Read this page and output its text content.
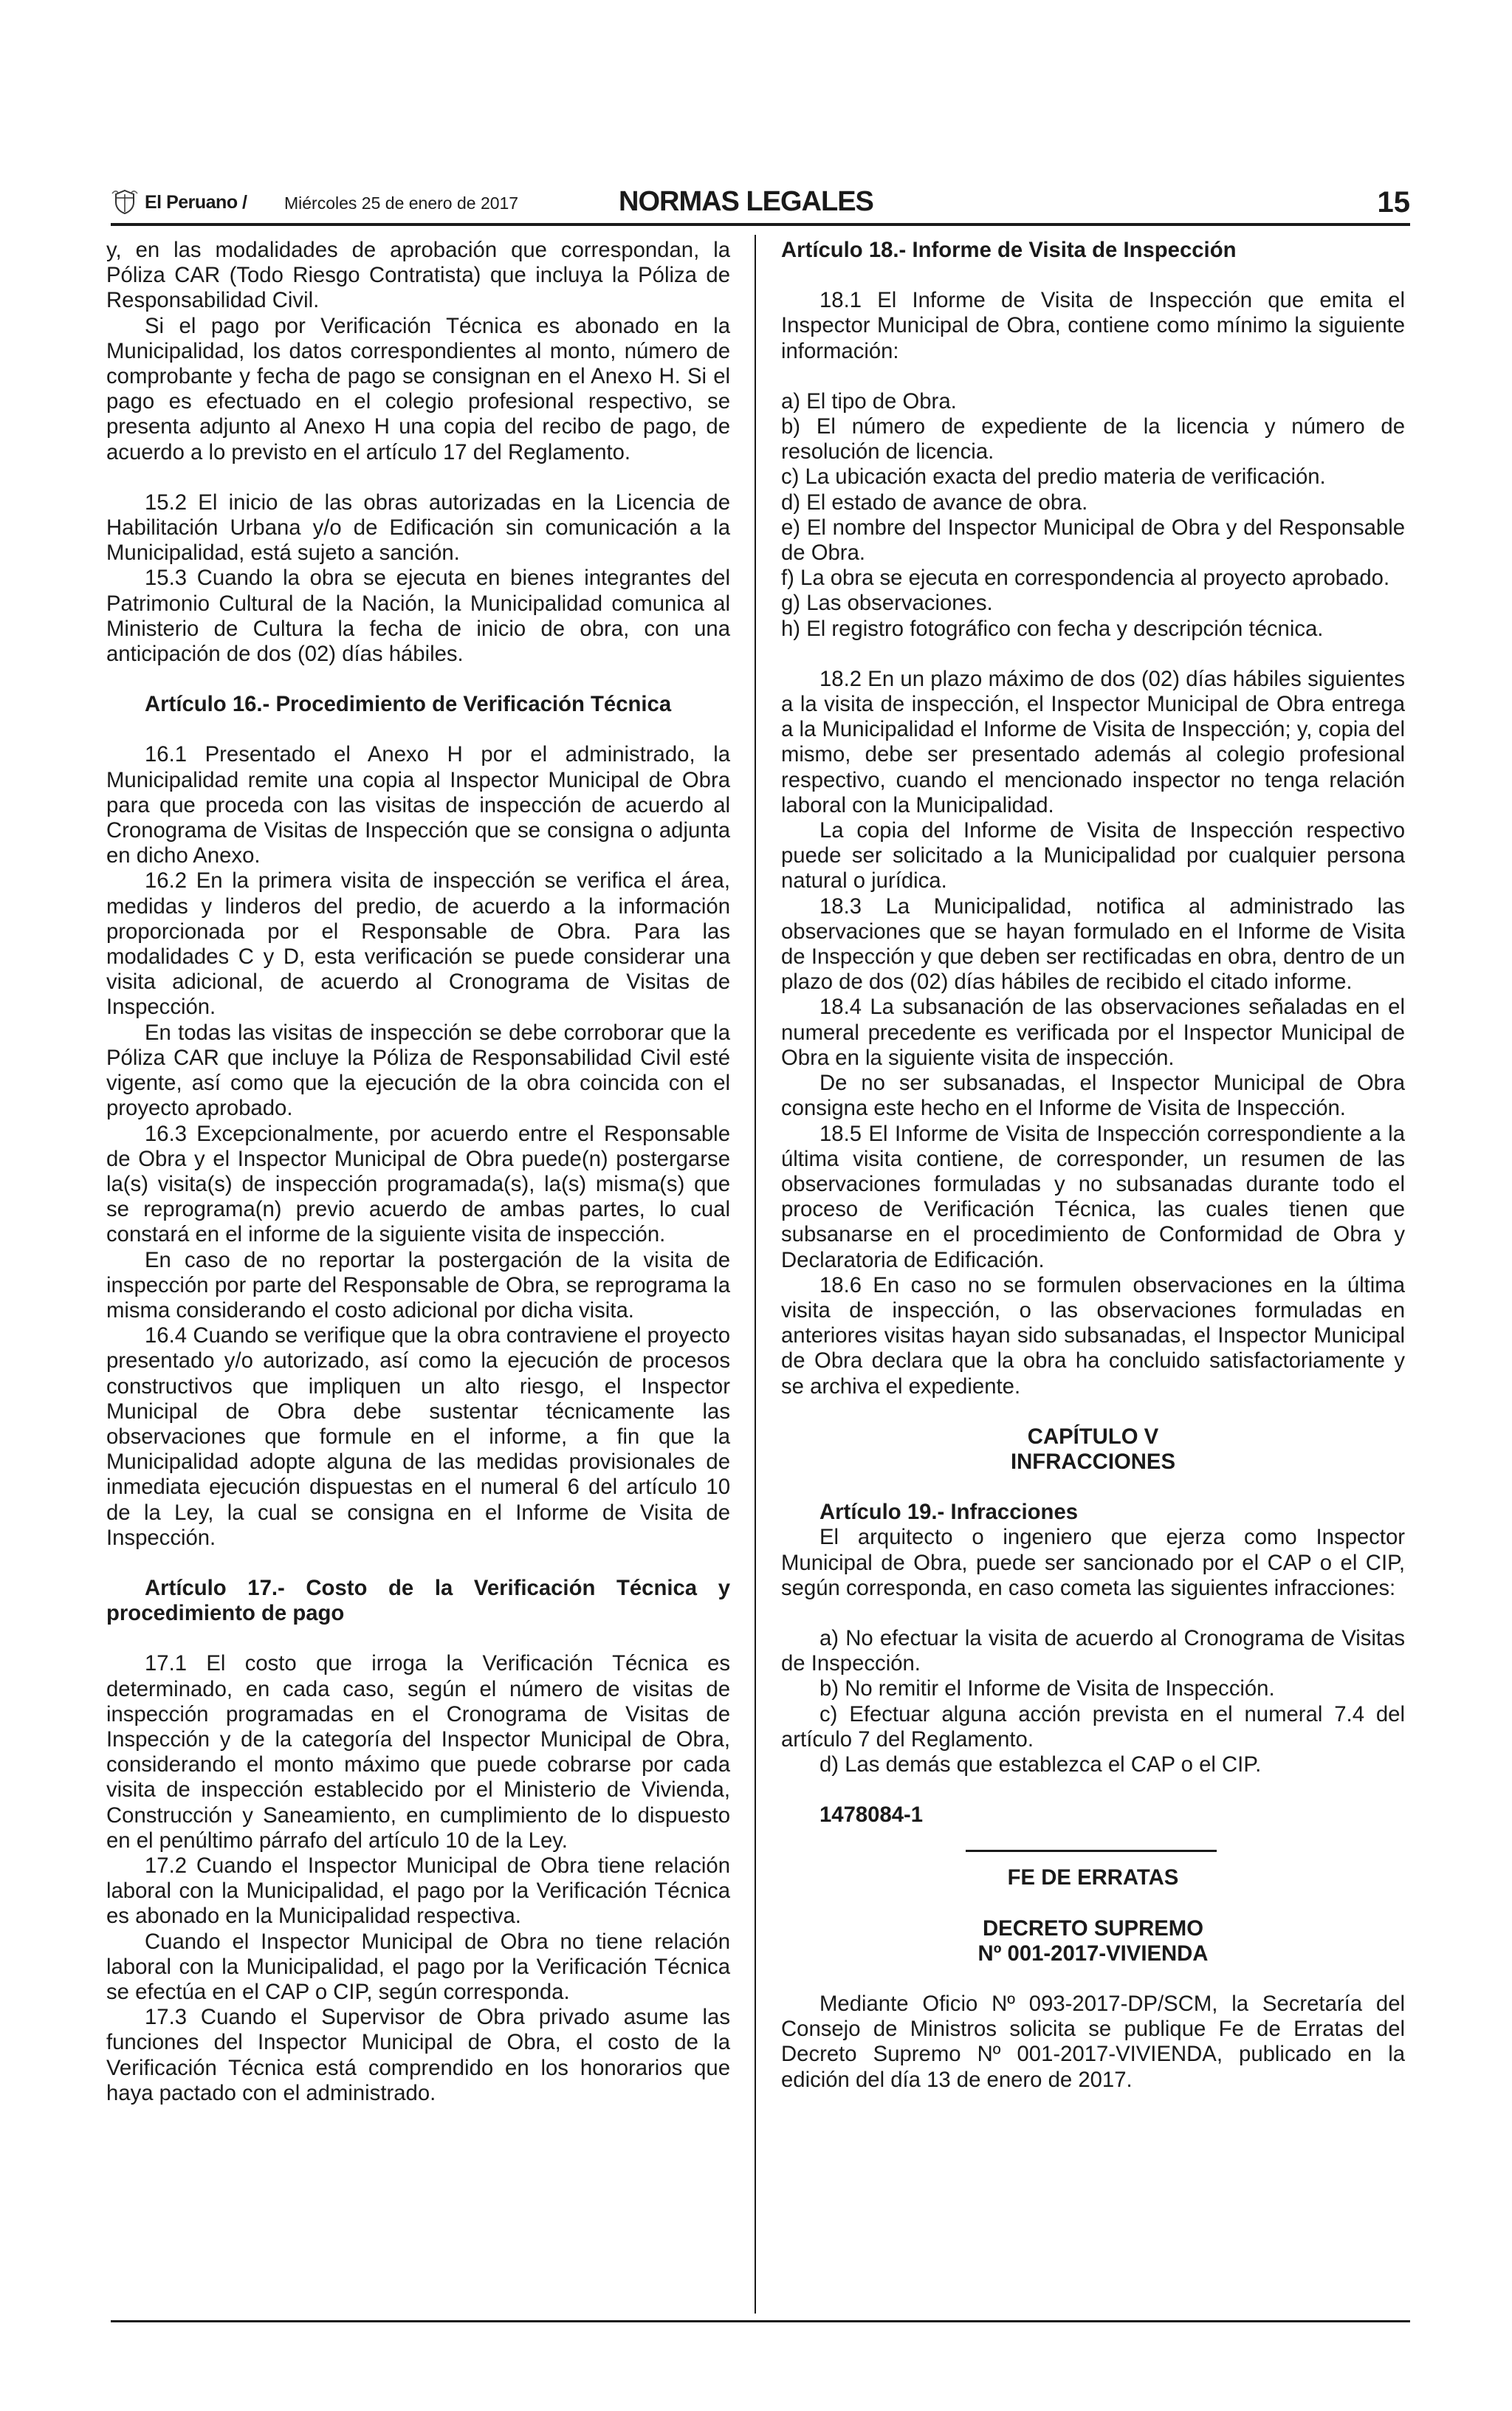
El Peruano / Miércoles 25 de enero de 2017	NORMAS LEGALES	15

y, en las modalidades de aprobación que correspondan, la Póliza CAR (Todo Riesgo Contratista) que incluya la Póliza de Responsabilidad Civil.

Si el pago por Verificación Técnica es abonado en la Municipalidad, los datos correspondientes al monto, número de comprobante y fecha de pago se consignan en el Anexo H. Si el pago es efectuado en el colegio profesional respectivo, se presenta adjunto al Anexo H una copia del recibo de pago, de acuerdo a lo previsto en el artículo 17 del Reglamento.

15.2 El inicio de las obras autorizadas en la Licencia de Habilitación Urbana y/o de Edificación sin comunicación a la Municipalidad, está sujeto a sanción.

15.3 Cuando la obra se ejecuta en bienes integrantes del Patrimonio Cultural de la Nación, la Municipalidad comunica al Ministerio de Cultura la fecha de inicio de obra, con una anticipación de dos (02) días hábiles.

Artículo 16.- Procedimiento de Verificación Técnica

16.1 Presentado el Anexo H por el administrado, la Municipalidad remite una copia al Inspector Municipal de Obra para que proceda con las visitas de inspección de acuerdo al Cronograma de Visitas de Inspección que se consigna o adjunta en dicho Anexo.

16.2 En la primera visita de inspección se verifica el área, medidas y linderos del predio, de acuerdo a la información proporcionada por el Responsable de Obra. Para las modalidades C y D, esta verificación se puede considerar una visita adicional, de acuerdo al Cronograma de Visitas de Inspección.

En todas las visitas de inspección se debe corroborar que la Póliza CAR que incluye la Póliza de Responsabilidad Civil esté vigente, así como que la ejecución de la obra coincida con el proyecto aprobado.

16.3 Excepcionalmente, por acuerdo entre el Responsable de Obra y el Inspector Municipal de Obra puede(n) postergarse la(s) visita(s) de inspección programada(s), la(s) misma(s) que se reprograma(n) previo acuerdo de ambas partes, lo cual constará en el informe de la siguiente visita de inspección.

En caso de no reportar la postergación de la visita de inspección por parte del Responsable de Obra, se reprograma la misma considerando el costo adicional por dicha visita.

16.4 Cuando se verifique que la obra contraviene el proyecto presentado y/o autorizado, así como la ejecución de procesos constructivos que impliquen un alto riesgo, el Inspector Municipal de Obra debe sustentar técnicamente las observaciones que formule en el informe, a fin que la Municipalidad adopte alguna de las medidas provisionales de inmediata ejecución dispuestas en el numeral 6 del artículo 10 de la Ley, la cual se consigna en el Informe de Visita de Inspección.

Artículo 17.- Costo de la Verificación Técnica y procedimiento de pago

17.1 El costo que irroga la Verificación Técnica es determinado, en cada caso, según el número de visitas de inspección programadas en el Cronograma de Visitas de Inspección y de la categoría del Inspector Municipal de Obra, considerando el monto máximo que puede cobrarse por cada visita de inspección establecido por el Ministerio de Vivienda, Construcción y Saneamiento, en cumplimiento de lo dispuesto en el penúltimo párrafo del artículo 10 de la Ley.

17.2 Cuando el Inspector Municipal de Obra tiene relación laboral con la Municipalidad, el pago por la Verificación Técnica es abonado en la Municipalidad respectiva.

Cuando el Inspector Municipal de Obra no tiene relación laboral con la Municipalidad, el pago por la Verificación Técnica se efectúa en el CAP o CIP, según corresponda.

17.3 Cuando el Supervisor de Obra privado asume las funciones del Inspector Municipal de Obra, el costo de la Verificación Técnica está comprendido en los honorarios que haya pactado con el administrado.

Artículo 18.- Informe de Visita de Inspección

18.1 El Informe de Visita de Inspección que emita el Inspector Municipal de Obra, contiene como mínimo la siguiente información:

a) El tipo de Obra.

b) El número de expediente de la licencia y número de resolución de licencia.

c) La ubicación exacta del predio materia de verificación.

d) El estado de avance de obra.

e) El nombre del Inspector Municipal de Obra y del Responsable de Obra.

f) La obra se ejecuta en correspondencia al proyecto aprobado.

g) Las observaciones.

h) El registro fotográfico con fecha y descripción técnica.

18.2 En un plazo máximo de dos (02) días hábiles siguientes a la visita de inspección, el Inspector Municipal de Obra entrega a la Municipalidad el Informe de Visita de Inspección; y, copia del mismo, debe ser presentado además al colegio profesional respectivo, cuando el mencionado inspector no tenga relación laboral con la Municipalidad.

La copia del Informe de Visita de Inspección respectivo puede ser solicitado a la Municipalidad por cualquier persona natural o jurídica.

18.3 La Municipalidad, notifica al administrado las observaciones que se hayan formulado en el Informe de Visita de Inspección y que deben ser rectificadas en obra, dentro de un plazo de dos (02) días hábiles de recibido el citado informe.

18.4 La subsanación de las observaciones señaladas en el numeral precedente es verificada por el Inspector Municipal de Obra en la siguiente visita de inspección.

De no ser subsanadas, el Inspector Municipal de Obra consigna este hecho en el Informe de Visita de Inspección.

18.5 El Informe de Visita de Inspección correspondiente a la última visita contiene, de corresponder, un resumen de las observaciones formuladas y no subsanadas durante todo el proceso de Verificación Técnica, las cuales tienen que subsanarse en el procedimiento de Conformidad de Obra y Declaratoria de Edificación.

18.6 En caso no se formulen observaciones en la última visita de inspección, o las observaciones formuladas en anteriores visitas hayan sido subsanadas, el Inspector Municipal de Obra declara que la obra ha concluido satisfactoriamente y se archiva el expediente.

CAPÍTULO V

INFRACCIONES

Artículo 19.- Infracciones

El arquitecto o ingeniero que ejerza como Inspector Municipal de Obra, puede ser sancionado por el CAP o el CIP, según corresponda, en caso cometa las siguientes infracciones:

a) No efectuar la visita de acuerdo al Cronograma de Visitas de Inspección.

b) No remitir el Informe de Visita de Inspección.

c) Efectuar alguna acción prevista en el numeral 7.4 del artículo 7 del Reglamento.

d) Las demás que establezca el CAP o el CIP.

1478084-1

FE DE ERRATAS

DECRETO SUPREMO

Nº 001-2017-VIVIENDA

Mediante Oficio Nº 093-2017-DP/SCM, la Secretaría del Consejo de Ministros solicita se publique Fe de Erratas del Decreto Supremo Nº 001-2017-VIVIENDA, publicado en la edición del día 13 de enero de 2017.
